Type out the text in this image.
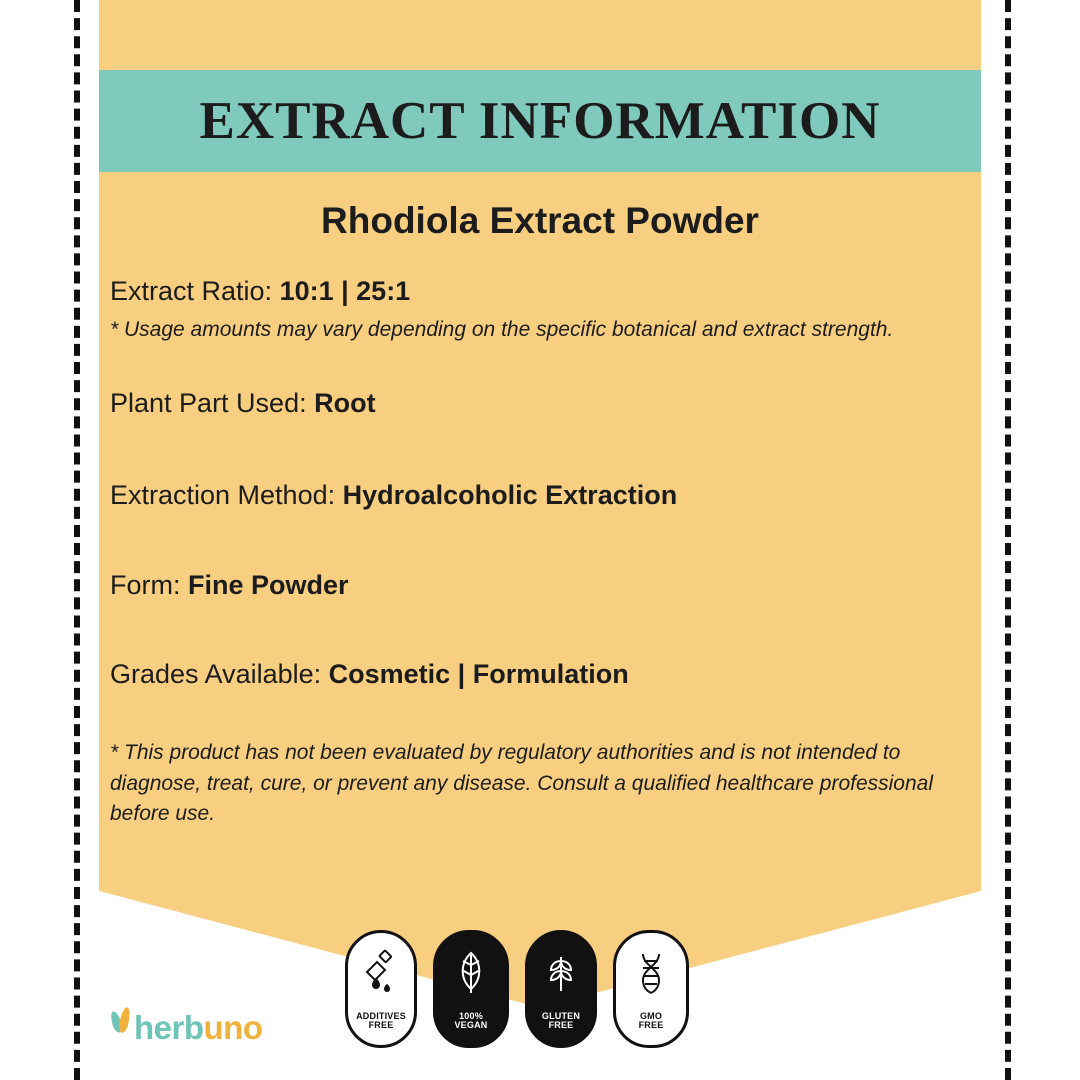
EXTRACT INFORMATION
Rhodiola Extract Powder

Extract Ratio: 10:1 | 25:1

* Usage amounts may vary depending on the specific botanical and extract strength.

Plant Part Used: Root

Extraction Method: Hydroalcoholic Extraction

Form: Fine Powder

Grades Available: Cosmetic | Formulation

* This product has not been evaluated by regulatory authorities and is not intended to diagnose, treat, cure, or prevent any disease. Consult a qualified healthcare professional before use.

herb uno	ADDITIVES
FREE
100%
VEGAN
GLUTEN
FREE
GMO
FREE
